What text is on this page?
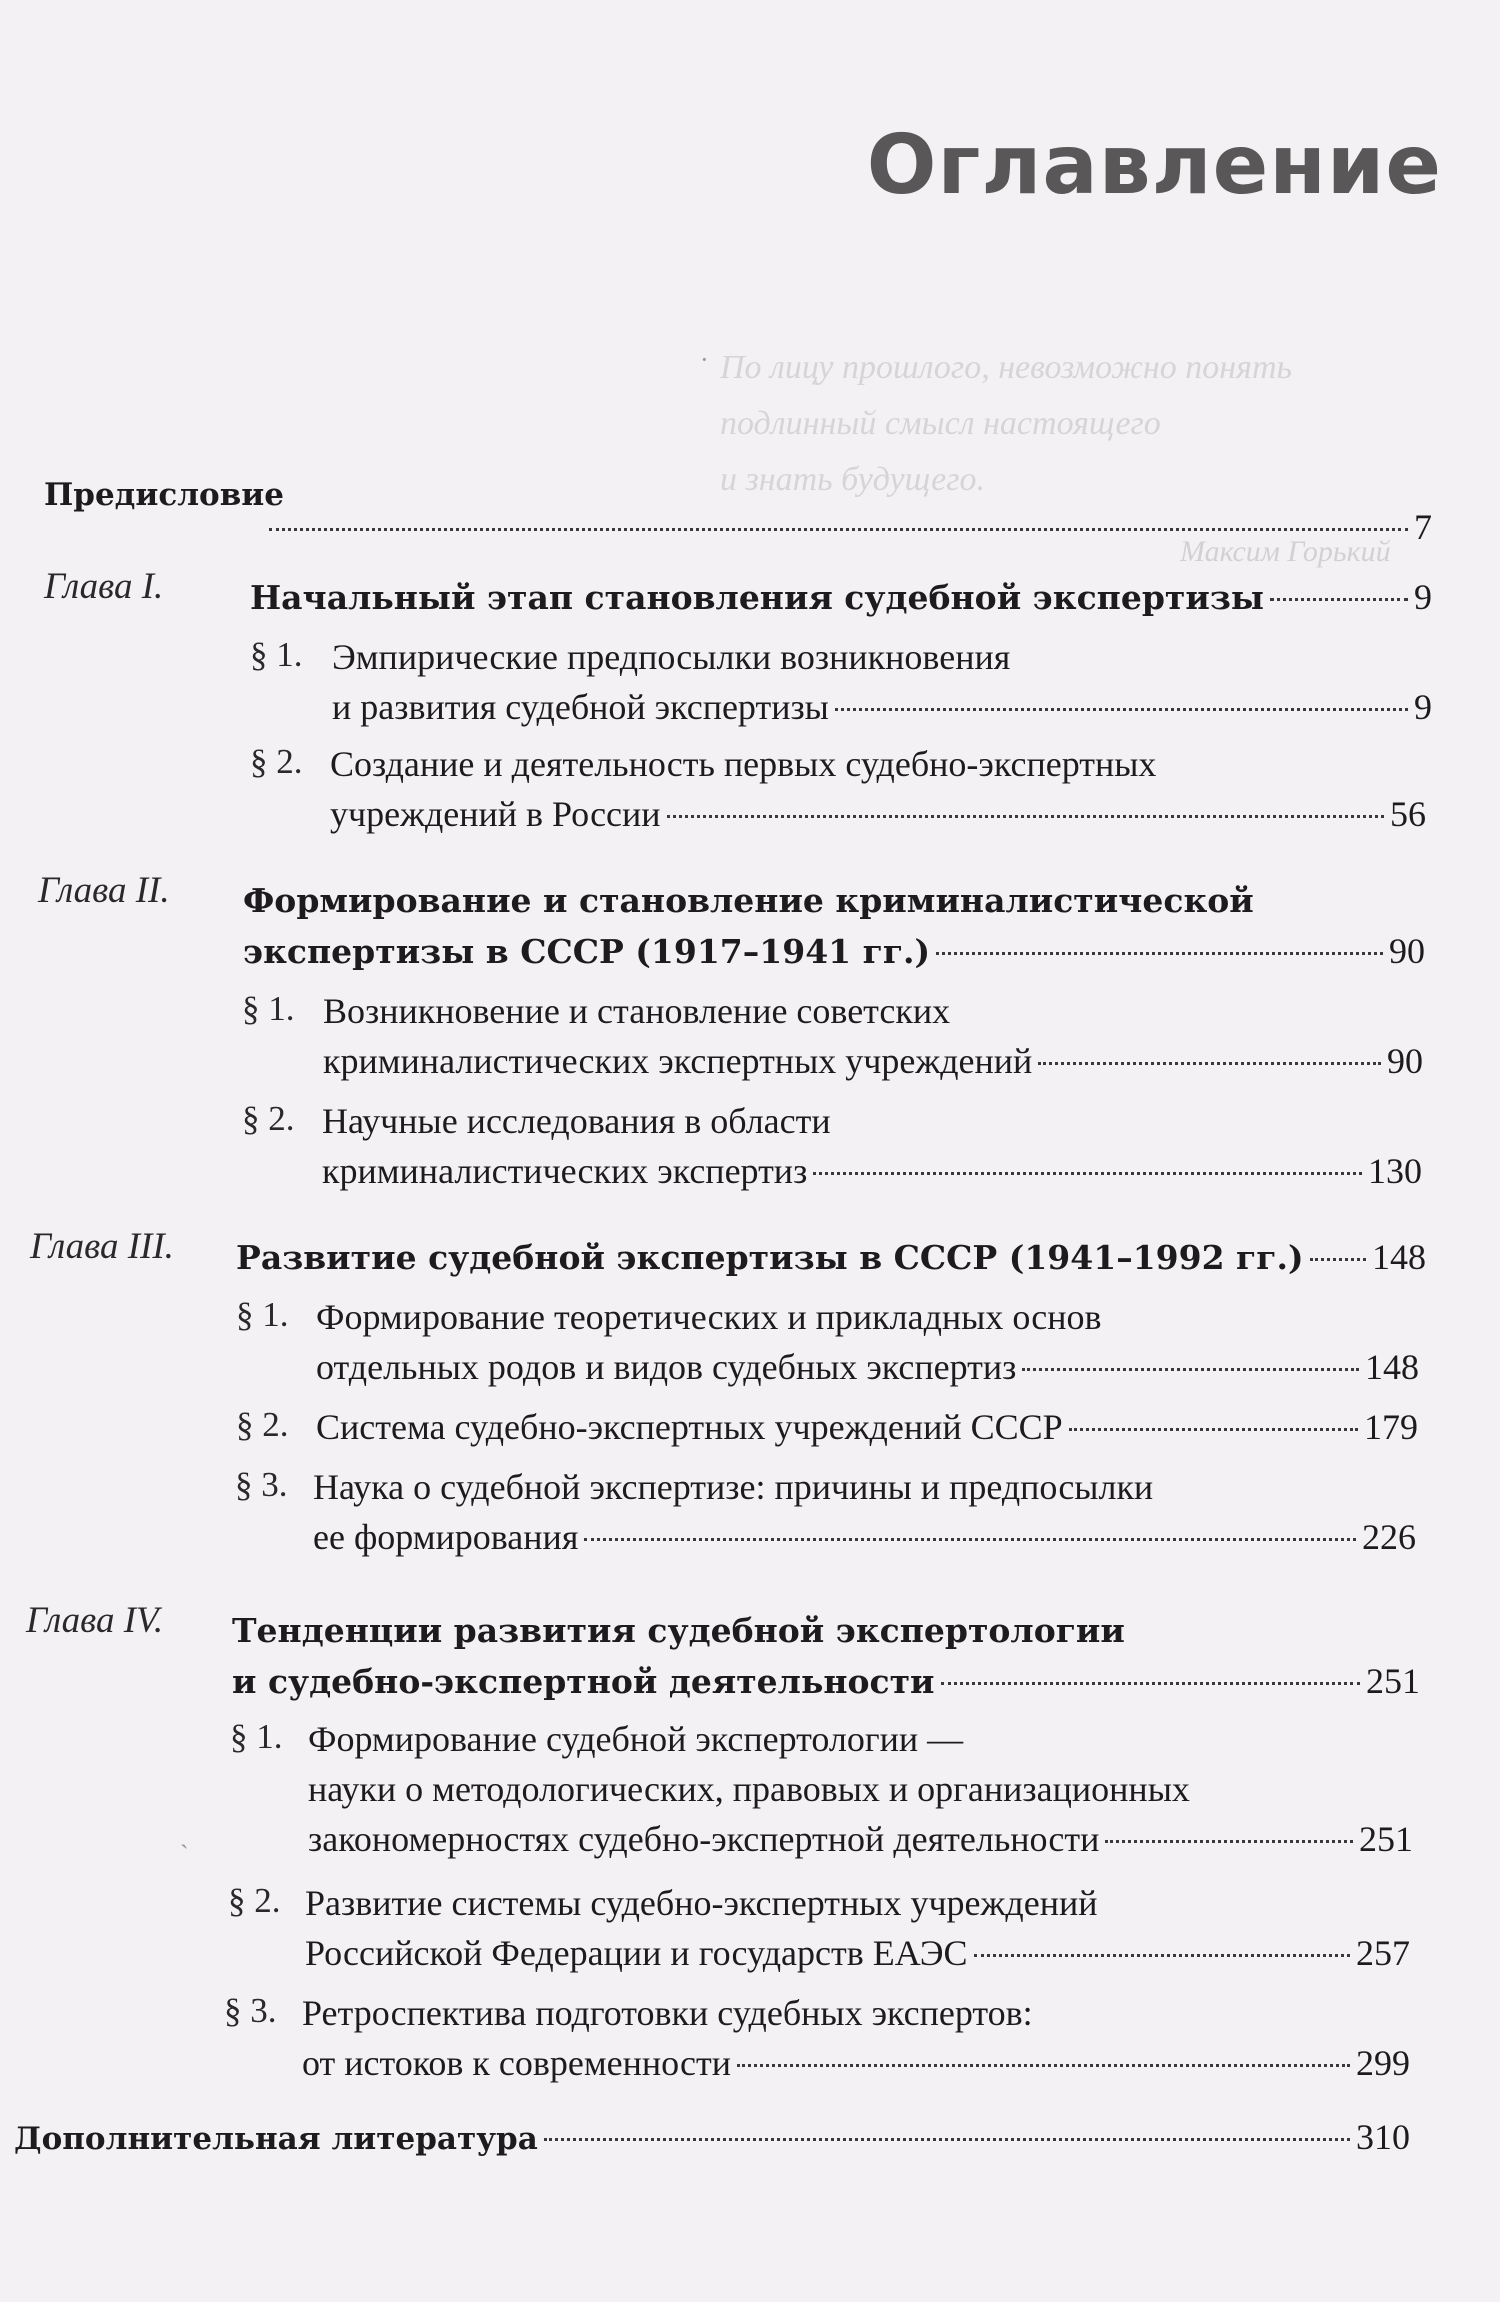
Оглавление
По лицу прошлого, невозможно понять
подлинный смысл настоящего
и знать будущего.
Максим Горький
Предисловие
7
Глава I.	Начальный этап становления судебной экспертизы	9
§ 1. Эмпирические предпосылки возникновения
и развития судебной экспертизы	9
§ 2. Создание и деятельность первых судебно-экспертных
учреждений в России	56
Глава II. Формирование и становление криминалистической
экспертизы в СССР (1917–1941 гг.)	90
§ 1. Возникновение и становление советских
криминалистических экспертных учреждений	90
§ 2. Научные исследования в области
криминалистических экспертиз	130
Глава III. Развитие судебной экспертизы в СССР (1941–1992 гг.) 148
§ 1. Формирование теоретических и прикладных основ
отдельных родов и видов судебных экспертиз	148
§ 2. Система судебно-экспертных учреждений СССР	179
§ 3. Наука о судебной экспертизе: причины и предпосылки
ее формирования	226
Глава IV. Тенденции развития судебной экспертологии
и судебно-экспертной деятельности	251
§ 1. Формирование судебной экспертологии —
науки о методологических, правовых и организационных
закономерностях судебно-экспертной деятельности	251
§ 2. Развитие системы судебно-экспертных учреждений
Российской Федерации и государств ЕАЭС	257
§ 3. Ретроспектива подготовки судебных экспертов:
от истоков к современности	299
Дополнительная литература	310
·
ˎ
